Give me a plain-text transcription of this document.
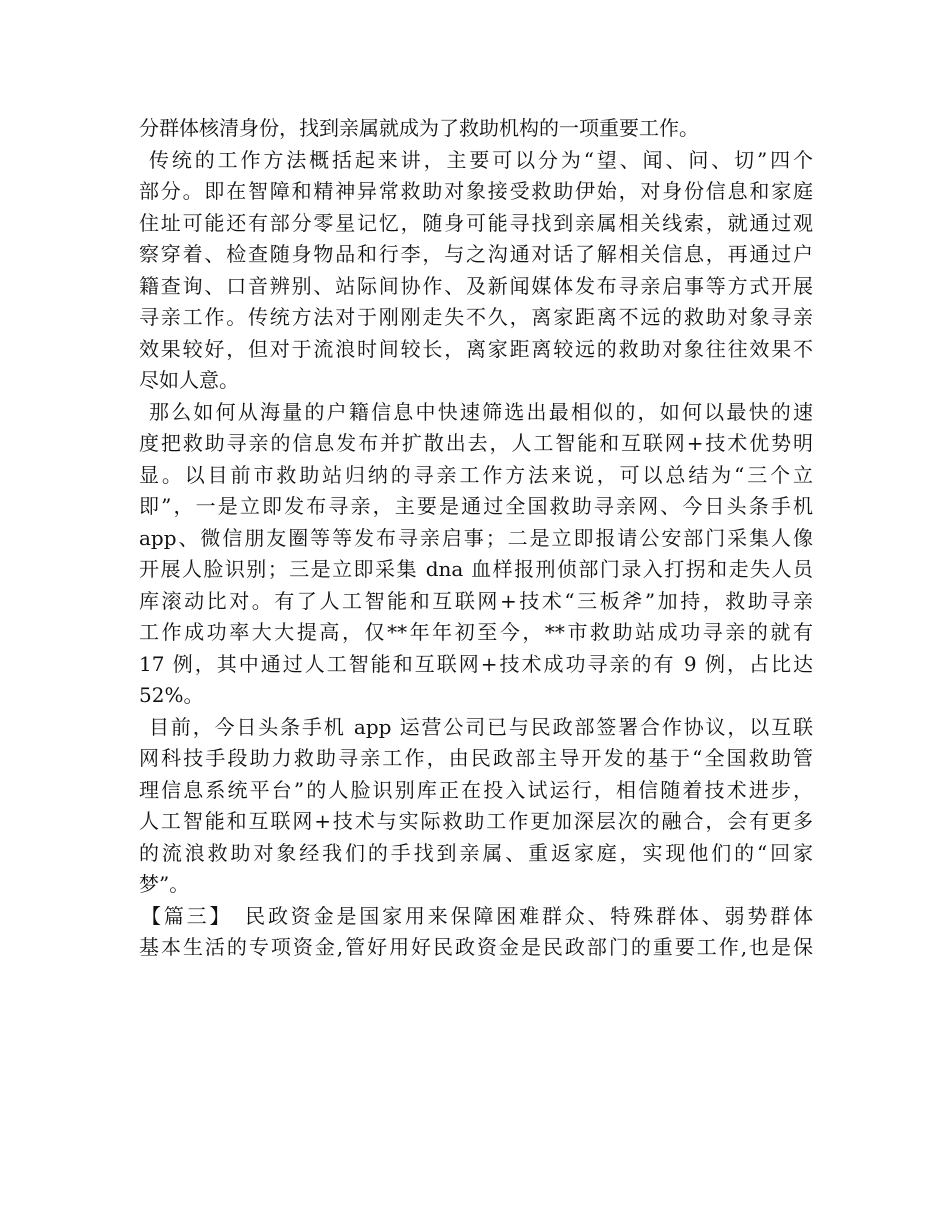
分群体核清身份，找到亲属就成为了救助机构的一项重要工作。
传统的工作方法概括起来讲，主要可以分为“望、闻、问、切”四个
部分。即在智障和精神异常救助对象接受救助伊始，对身份信息和家庭
住址可能还有部分零星记忆，随身可能寻找到亲属相关线索，就通过观
察穿着、检查随身物品和行李，与之沟通对话了解相关信息，再通过户
籍查询、口音辨别、站际间协作、及新闻媒体发布寻亲启事等方式开展
寻亲工作。传统方法对于刚刚走失不久，离家距离不远的救助对象寻亲
效果较好，但对于流浪时间较长，离家距离较远的救助对象往往效果不
尽如人意。
那么如何从海量的户籍信息中快速筛选出最相似的，如何以最快的速
度把救助寻亲的信息发布并扩散出去，人工智能和互联网+技术优势明
显。以目前市救助站归纳的寻亲工作方法来说，可以总结为“三个立
即”，一是立即发布寻亲，主要是通过全国救助寻亲网、今日头条手机
app、微信朋友圈等等发布寻亲启事；二是立即报请公安部门采集人像
开展人脸识别；三是立即采集 dna 血样报刑侦部门录入打拐和走失人员
库滚动比对。有了人工智能和互联网+技术“三板斧”加持，救助寻亲
工作成功率大大提高，仅**年年初至今，**市救助站成功寻亲的就有
17 例，其中通过人工智能和互联网+技术成功寻亲的有 9 例，占比达
52%。
目前，今日头条手机 app 运营公司已与民政部签署合作协议，以互联
网科技手段助力救助寻亲工作，由民政部主导开发的基于“全国救助管
理信息系统平台”的人脸识别库正在投入试运行，相信随着技术进步，
人工智能和互联网+技术与实际救助工作更加深层次的融合，会有更多
的流浪救助对象经我们的手找到亲属、重返家庭，实现他们的“回家
梦”。
【篇三】　民政资金是国家用来保障困难群众、特殊群体、弱势群体
基本生活的专项资金,管好用好民政资金是民政部门的重要工作,也是保
